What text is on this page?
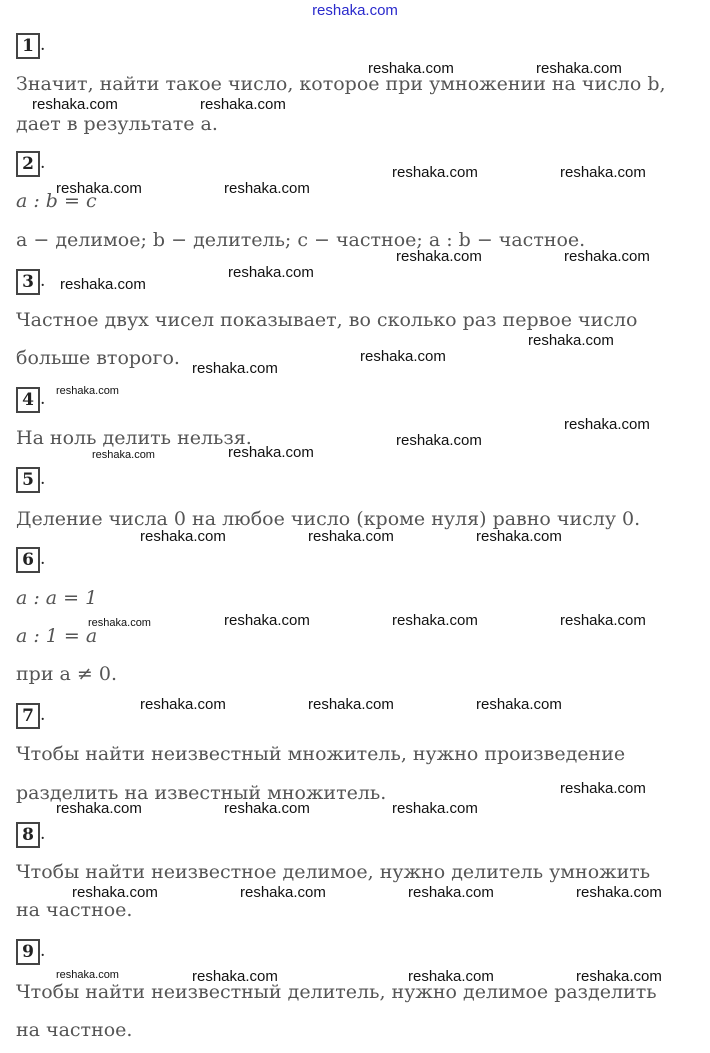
reshaka.com
1 .
Значит, найти такое число, которое при умножении на число b,
дает в результате a.
2 .
a : b = c
a − делимое; b − делитель; c − частное; a : b − частное.
3 .
Частное двух чисел показывает, во сколько раз первое число
больше второго.
4 .
На ноль делить нельзя.
5 .
Деление числа 0 на любое число (кроме нуля) равно числу 0.
6 .
a : a = 1
a : 1 = a
при a ≠ 0.
7 .
Чтобы найти неизвестный множитель, нужно произведение
разделить на известный множитель.
8 .
Чтобы найти неизвестное делимое, нужно делитель умножить
на частное.
9 .
Чтобы найти неизвестный делитель, нужно делимое разделить
на частное.
reshaka.com	reshaka.com
reshaka.com	reshaka.com
reshaka.com	reshaka.com
reshaka.com	reshaka.com
reshaka.com	reshaka.com
reshaka.com
reshaka.com
reshaka.com
reshaka.com
reshaka.com
reshaka.com
reshaka.com
reshaka.com
reshaka.com
reshaka.com
reshaka.com	reshaka.com	reshaka.com
reshaka.com	reshaka.com	reshaka.com
reshaka.com
reshaka.com	reshaka.com	reshaka.com
reshaka.com
reshaka.com	reshaka.com	reshaka.com
reshaka.com	reshaka.com	reshaka.com	reshaka.com
reshaka.com	reshaka.com	reshaka.com	reshaka.com
